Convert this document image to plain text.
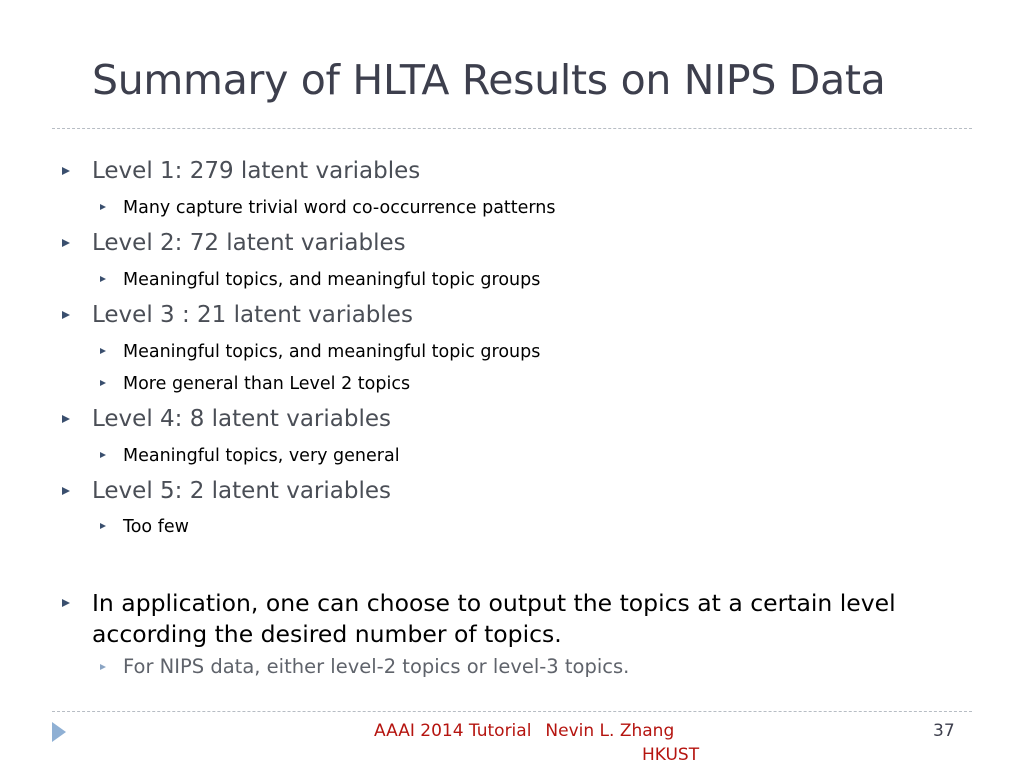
Summary of HLTA Results on NIPS Data
Level 1: 279 latent variables
Many capture trivial word co-occurrence patterns
Level 2: 72 latent variables
Meaningful topics, and meaningful topic groups
Level 3 : 21 latent variables
Meaningful topics, and meaningful topic groups
More general than Level 2 topics
Level 4: 8 latent variables
Meaningful topics, very general
Level 5: 2 latent variables
Too few
In application, one can choose to output the topics at a certain level
according the desired number of topics.
For NIPS data, either level-2 topics or level-3 topics.
AAAI 2014 Tutorial Nevin L. Zhang
HKUST
37
